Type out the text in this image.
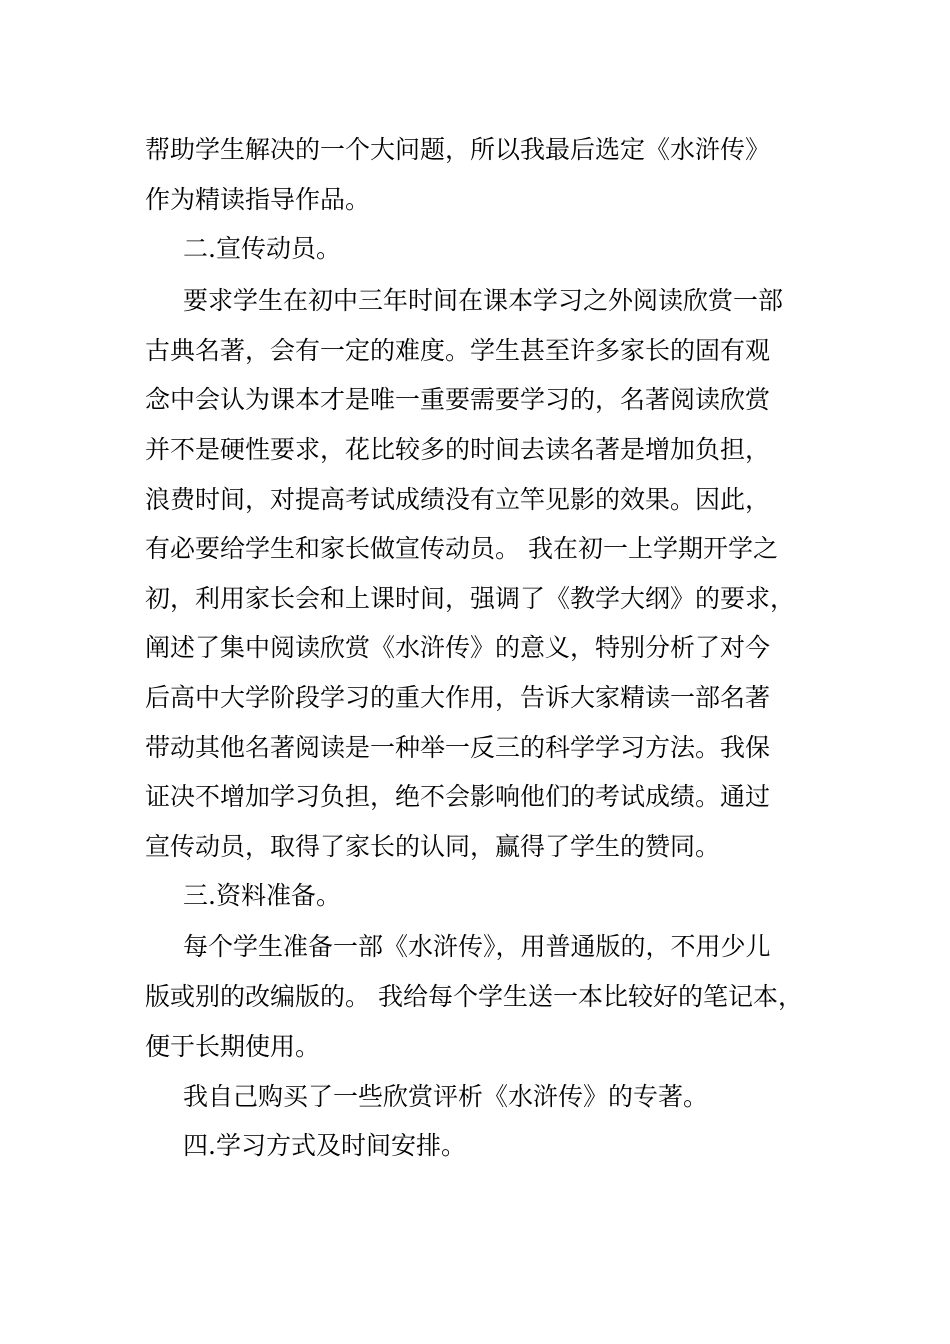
帮助学生解决的一个大问题，所以我最后选定《水浒传》

作为精读指导作品。

二.宣传动员。

要求学生在初中三年时间在课本学习之外阅读欣赏一部

古典名著，会有一定的难度。学生甚至许多家长的固有观

念中会认为课本才是唯一重要需要学习的，名著阅读欣赏

并不是硬性要求，花比较多的时间去读名著是增加负担，

浪费时间，对提高考试成绩没有立竿见影的效果。因此，

有必要给学生和家长做宣传动员。 我在初一上学期开学之

初，利用家长会和上课时间，强调了《教学大纲》的要求，

阐述了集中阅读欣赏《水浒传》的意义，特别分析了对今

后高中大学阶段学习的重大作用，告诉大家精读一部名著

带动其他名著阅读是一种举一反三的科学学习方法。我保

证决不增加学习负担，绝不会影响他们的考试成绩。通过

宣传动员，取得了家长的认同，赢得了学生的赞同。

三.资料准备。

每个学生准备一部《水浒传》，用普通版的，不用少儿

版或别的改编版的。 我给每个学生送一本比较好的笔记本，

便于长期使用。

我自己购买了一些欣赏评析《水浒传》的专著。

四.学习方式及时间安排。
